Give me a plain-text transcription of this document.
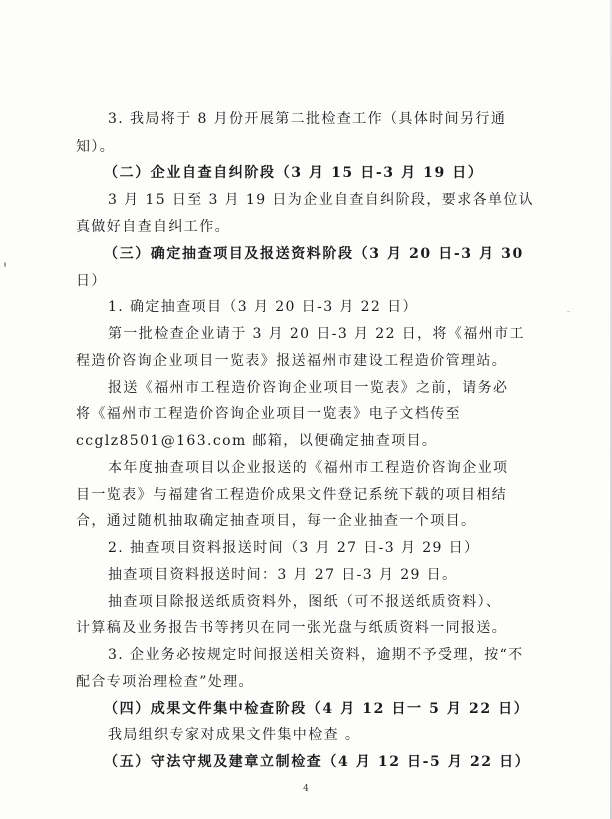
3. 我局将于 8 月份开展第二批检查工作（具体时间另行通
知）。
（二）企业自查自纠阶段（3 月 15 日-3 月 19 日）
3 月 15 日至 3 月 19 日为企业自查自纠阶段，要求各单位认
真做好自查自纠工作。
（三）确定抽查项目及报送资料阶段（3 月 20 日-3 月 30
日）
1. 确定抽查项目（3 月 20 日-3 月 22 日）
第一批检查企业请于 3 月 20 日-3 月 22 日，将《福州市工
程造价咨询企业项目一览表》报送福州市建设工程造价管理站。
报送《福州市工程造价咨询企业项目一览表》之前，请务必
将《福州市工程造价咨询企业项目一览表》电子文档传至
ccglz8501@163.com 邮箱，以便确定抽查项目。
本年度抽查项目以企业报送的《福州市工程造价咨询企业项
目一览表》与福建省工程造价成果文件登记系统下载的项目相结
合，通过随机抽取确定抽查项目，每一企业抽查一个项目。
2. 抽查项目资料报送时间（3 月 27 日-3 月 29 日）
抽查项目资料报送时间：3 月 27 日-3 月 29 日。
抽查项目除报送纸质资料外，图纸（可不报送纸质资料）、
计算稿及业务报告书等拷贝在同一张光盘与纸质资料一同报送。
3. 企业务必按规定时间报送相关资料，逾期不予受理，按“不
配合专项治理检查”处理。
（四）成果文件集中检查阶段（4 月 12 日一 5 月 22 日）
我局组织专家对成果文件集中检查 。
（五）守法守规及建章立制检查（4 月 12 日-5 月 22 日）
4
